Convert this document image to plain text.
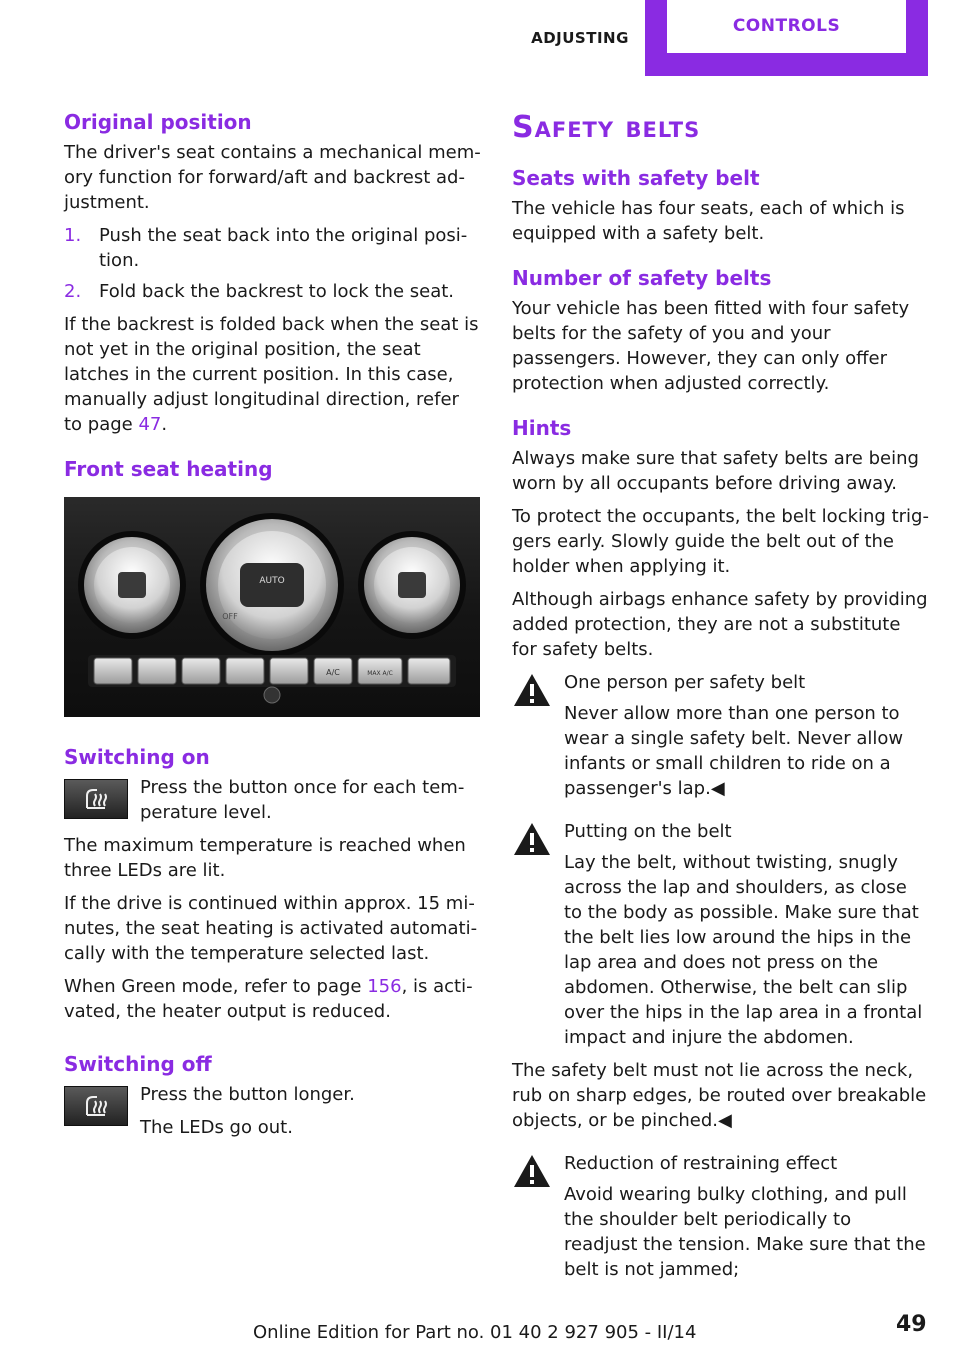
ADJUSTING
CONTROLS
Original position

The driver's seat contains a mechanical memory function for forward/aft and backrest adjustment.

1. Push the seat back into the original position.
2. Fold back the backrest to lock the seat.

If the backrest is folded back when the seat is not yet in the original position, the seat latches in the current position. In this case, manually adjust longitudinal direction, refer to page 47.

Front seat heating
AUTO
OFF
A/C	MAX A/C
Switching on

Press the button once for each temperature level.

The maximum temperature is reached when three LEDs are lit.

If the drive is continued within approx. 15 minutes, the seat heating is activated automatically with the temperature selected last.

When Green mode, refer to page 156, is activated, the heater output is reduced.

Switching off

Press the button longer.

The LEDs go out.

Safety belts
Seats with safety belt

The vehicle has four seats, each of which is equipped with a safety belt.

Number of safety belts

Your vehicle has been fitted with four safety belts for the safety of you and your passengers. However, they can only offer protection when adjusted correctly.

Hints

Always make sure that safety belts are being worn by all occupants before driving away.

To protect the occupants, the belt locking triggers early. Slowly guide the belt out of the holder when applying it.

Although airbags enhance safety by providing added protection, they are not a substitute for safety belts.

One person per safety belt

Never allow more than one person to wear a single safety belt. Never allow infants or small children to ride on a passenger's lap.◀

Putting on the belt

Lay the belt, without twisting, snugly across the lap and shoulders, as close to the body as possible. Make sure that the belt lies low around the hips in the lap area and does not press on the abdomen. Otherwise, the belt can slip over the hips in the lap area in a frontal impact and injure the abdomen.

The safety belt must not lie across the neck, rub on sharp edges, be routed over breakable objects, or be pinched.◀

Reduction of restraining effect

Avoid wearing bulky clothing, and pull the shoulder belt periodically to readjust the tension. Make sure that the belt is not jammed;

Online Edition for Part no. 01 40 2 927 905 - II/14	49
